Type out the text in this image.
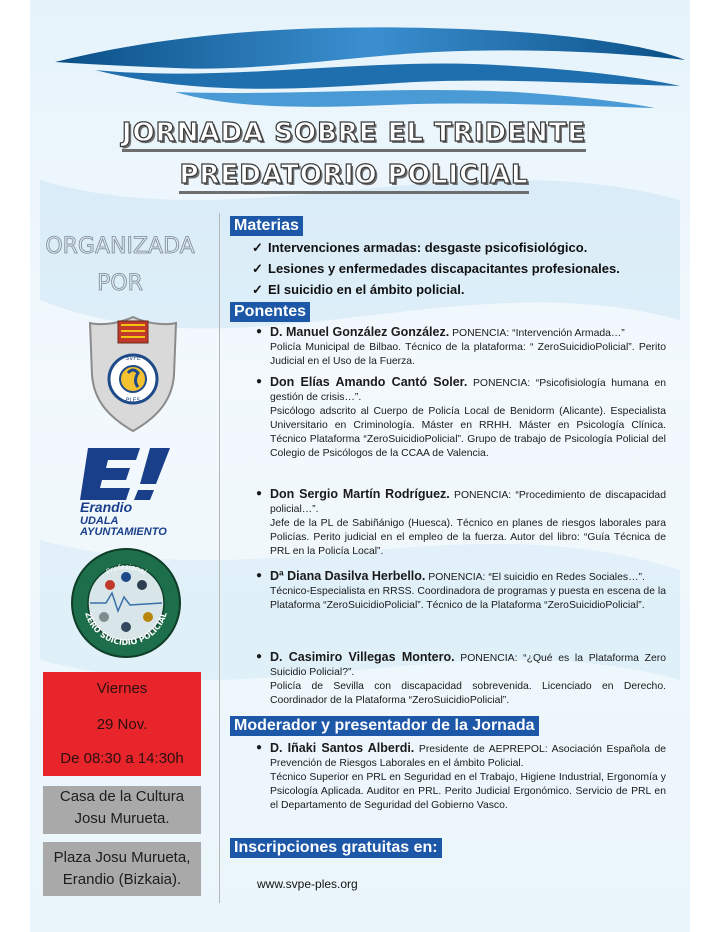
JORNADA SOBRE EL TRIDENTE
PREDATORIO POLICIAL
ORGANIZADA
POR
SVPE
PLES
Erandio
UDALA
AYUNTAMIENTO
Profesional
ZERO SUICIDIO POLICIAL
Viernes
29 Nov.
De 08:30 a 14:30h
Casa de la Cultura
Josu Murueta.
Plaza Josu Murueta,
Erandio (Bizkaia).
Materias
✓ Intervenciones armadas: desgaste psicofisiológico.
✓ Lesiones y enfermedades discapacitantes profesionales.
✓ El suicidio en el ámbito policial.
Ponentes
● D. Manuel González González. PONENCIA: “Intervención Armada…”
Policía Municipal de Bilbao. Técnico de la plataforma: “ ZeroSuicidioPolicial”. Perito Judicial en el Uso de la Fuerza.
● Don Elías Amando Cantó Soler. PONENCIA: “Psicofisiología humana en gestión de crisis…”.
Psicólogo adscrito al Cuerpo de Policía Local de Benidorm (Alicante). Especialista Universitario en Criminología. Máster en RRHH. Máster en Psicología Clínica. Técnico Plataforma “ZeroSuicidioPolicial”. Grupo de trabajo de Psicología Policial del Colegio de Psicólogos de la CCAA de Valencia.
● Don Sergio Martín Rodríguez. PONENCIA: “Procedimiento de discapacidad policial…”.
Jefe de la PL de Sabiñánigo (Huesca). Técnico en planes de riesgos laborales para Policías. Perito judicial en el empleo de la fuerza. Autor del libro: “Guía Técnica de PRL en la Policía Local”.
● Dª Diana Dasilva Herbello. PONENCIA: “El suicidio en Redes Sociales…”.
Técnico-Especialista en RRSS. Coordinadora de programas y puesta en escena de la Plataforma “ZeroSuicidioPolicial”. Técnico de la Plataforma “ZeroSuicidioPolicial”.
● D. Casimiro Villegas Montero. PONENCIA: “¿Qué es la Plataforma Zero Suicidio Policial?”.
Policía de Sevilla con discapacidad sobrevenida. Licenciado en Derecho. Coordinador de la Plataforma “ZeroSuicidioPolicial”.
Moderador y presentador de la Jornada
● D. Iñaki Santos Alberdi. Presidente de AEPREPOL: Asociación Española de Prevención de Riesgos Laborales en el ámbito Policial.
Técnico Superior en PRL en Seguridad en el Trabajo, Higiene Industrial, Ergonomía y Psicología Aplicada. Auditor en PRL. Perito Judicial Ergonómico. Servicio de PRL en el Departamento de Seguridad del Gobierno Vasco.
Inscripciones gratuitas en:
www.svpe-ples.org
